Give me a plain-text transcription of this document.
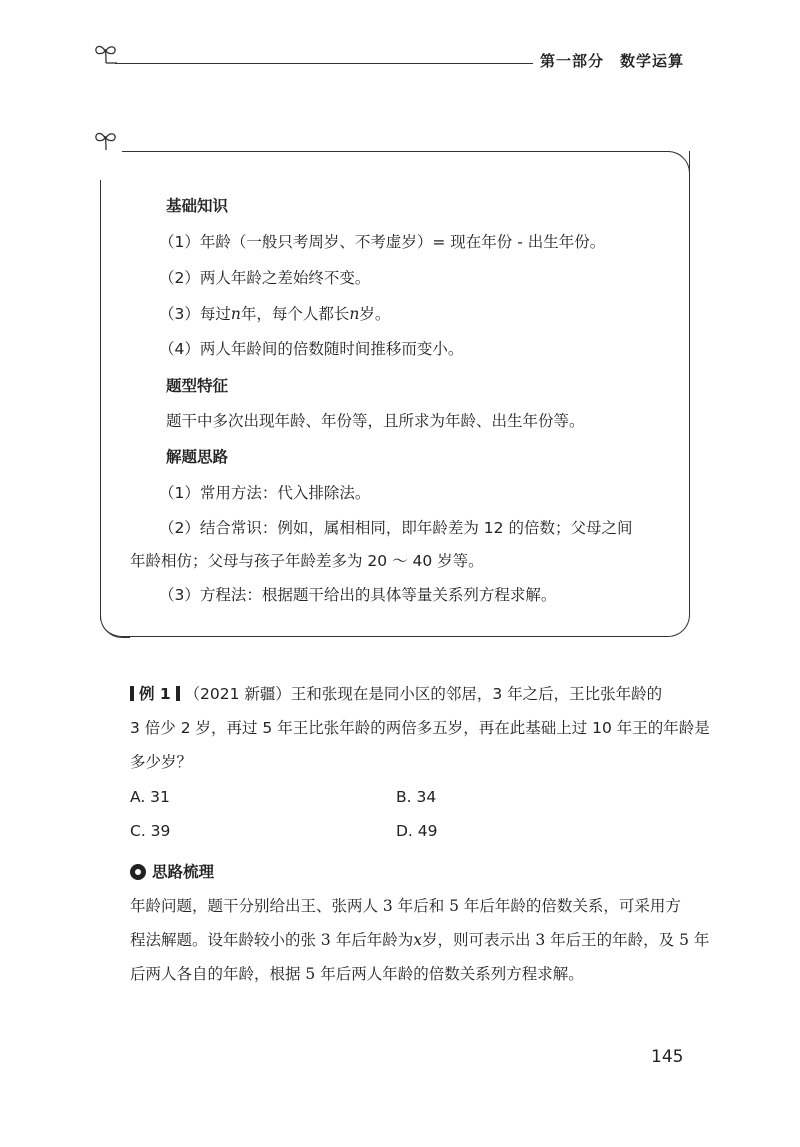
第一部分　数学运算
基础知识
（1）年龄（一般只考周岁、不考虚岁）= 现在年份 - 出生年份。
（2）两人年龄之差始终不变。
（3）每过n年，每个人都长n岁。
（4）两人年龄间的倍数随时间推移而变小。
题型特征
题干中多次出现年龄、年份等，且所求为年龄、出生年份等。
解题思路
（1）常用方法：代入排除法。
（2）结合常识：例如，属相相同，即年龄差为 12 的倍数；父母之间
年龄相仿；父母与孩子年龄差多为 20 ～ 40 岁等。
（3）方程法：根据题干给出的具体等量关系列方程求解。
例 1 （2021 新疆）王和张现在是同小区的邻居，3 年之后，王比张年龄的
3 倍少 2 岁，再过 5 年王比张年龄的两倍多五岁，再在此基础上过 10 年王的年龄是
多少岁？
A. 31	B. 34
C. 39	D. 49
思路梳理
年龄问题，题干分别给出王、张两人 3 年后和 5 年后年龄的倍数关系，可采用方
程法解题。设年龄较小的张 3 年后年龄为x岁，则可表示出 3 年后王的年龄，及 5 年
后两人各自的年龄，根据 5 年后两人年龄的倍数关系列方程求解。
145
